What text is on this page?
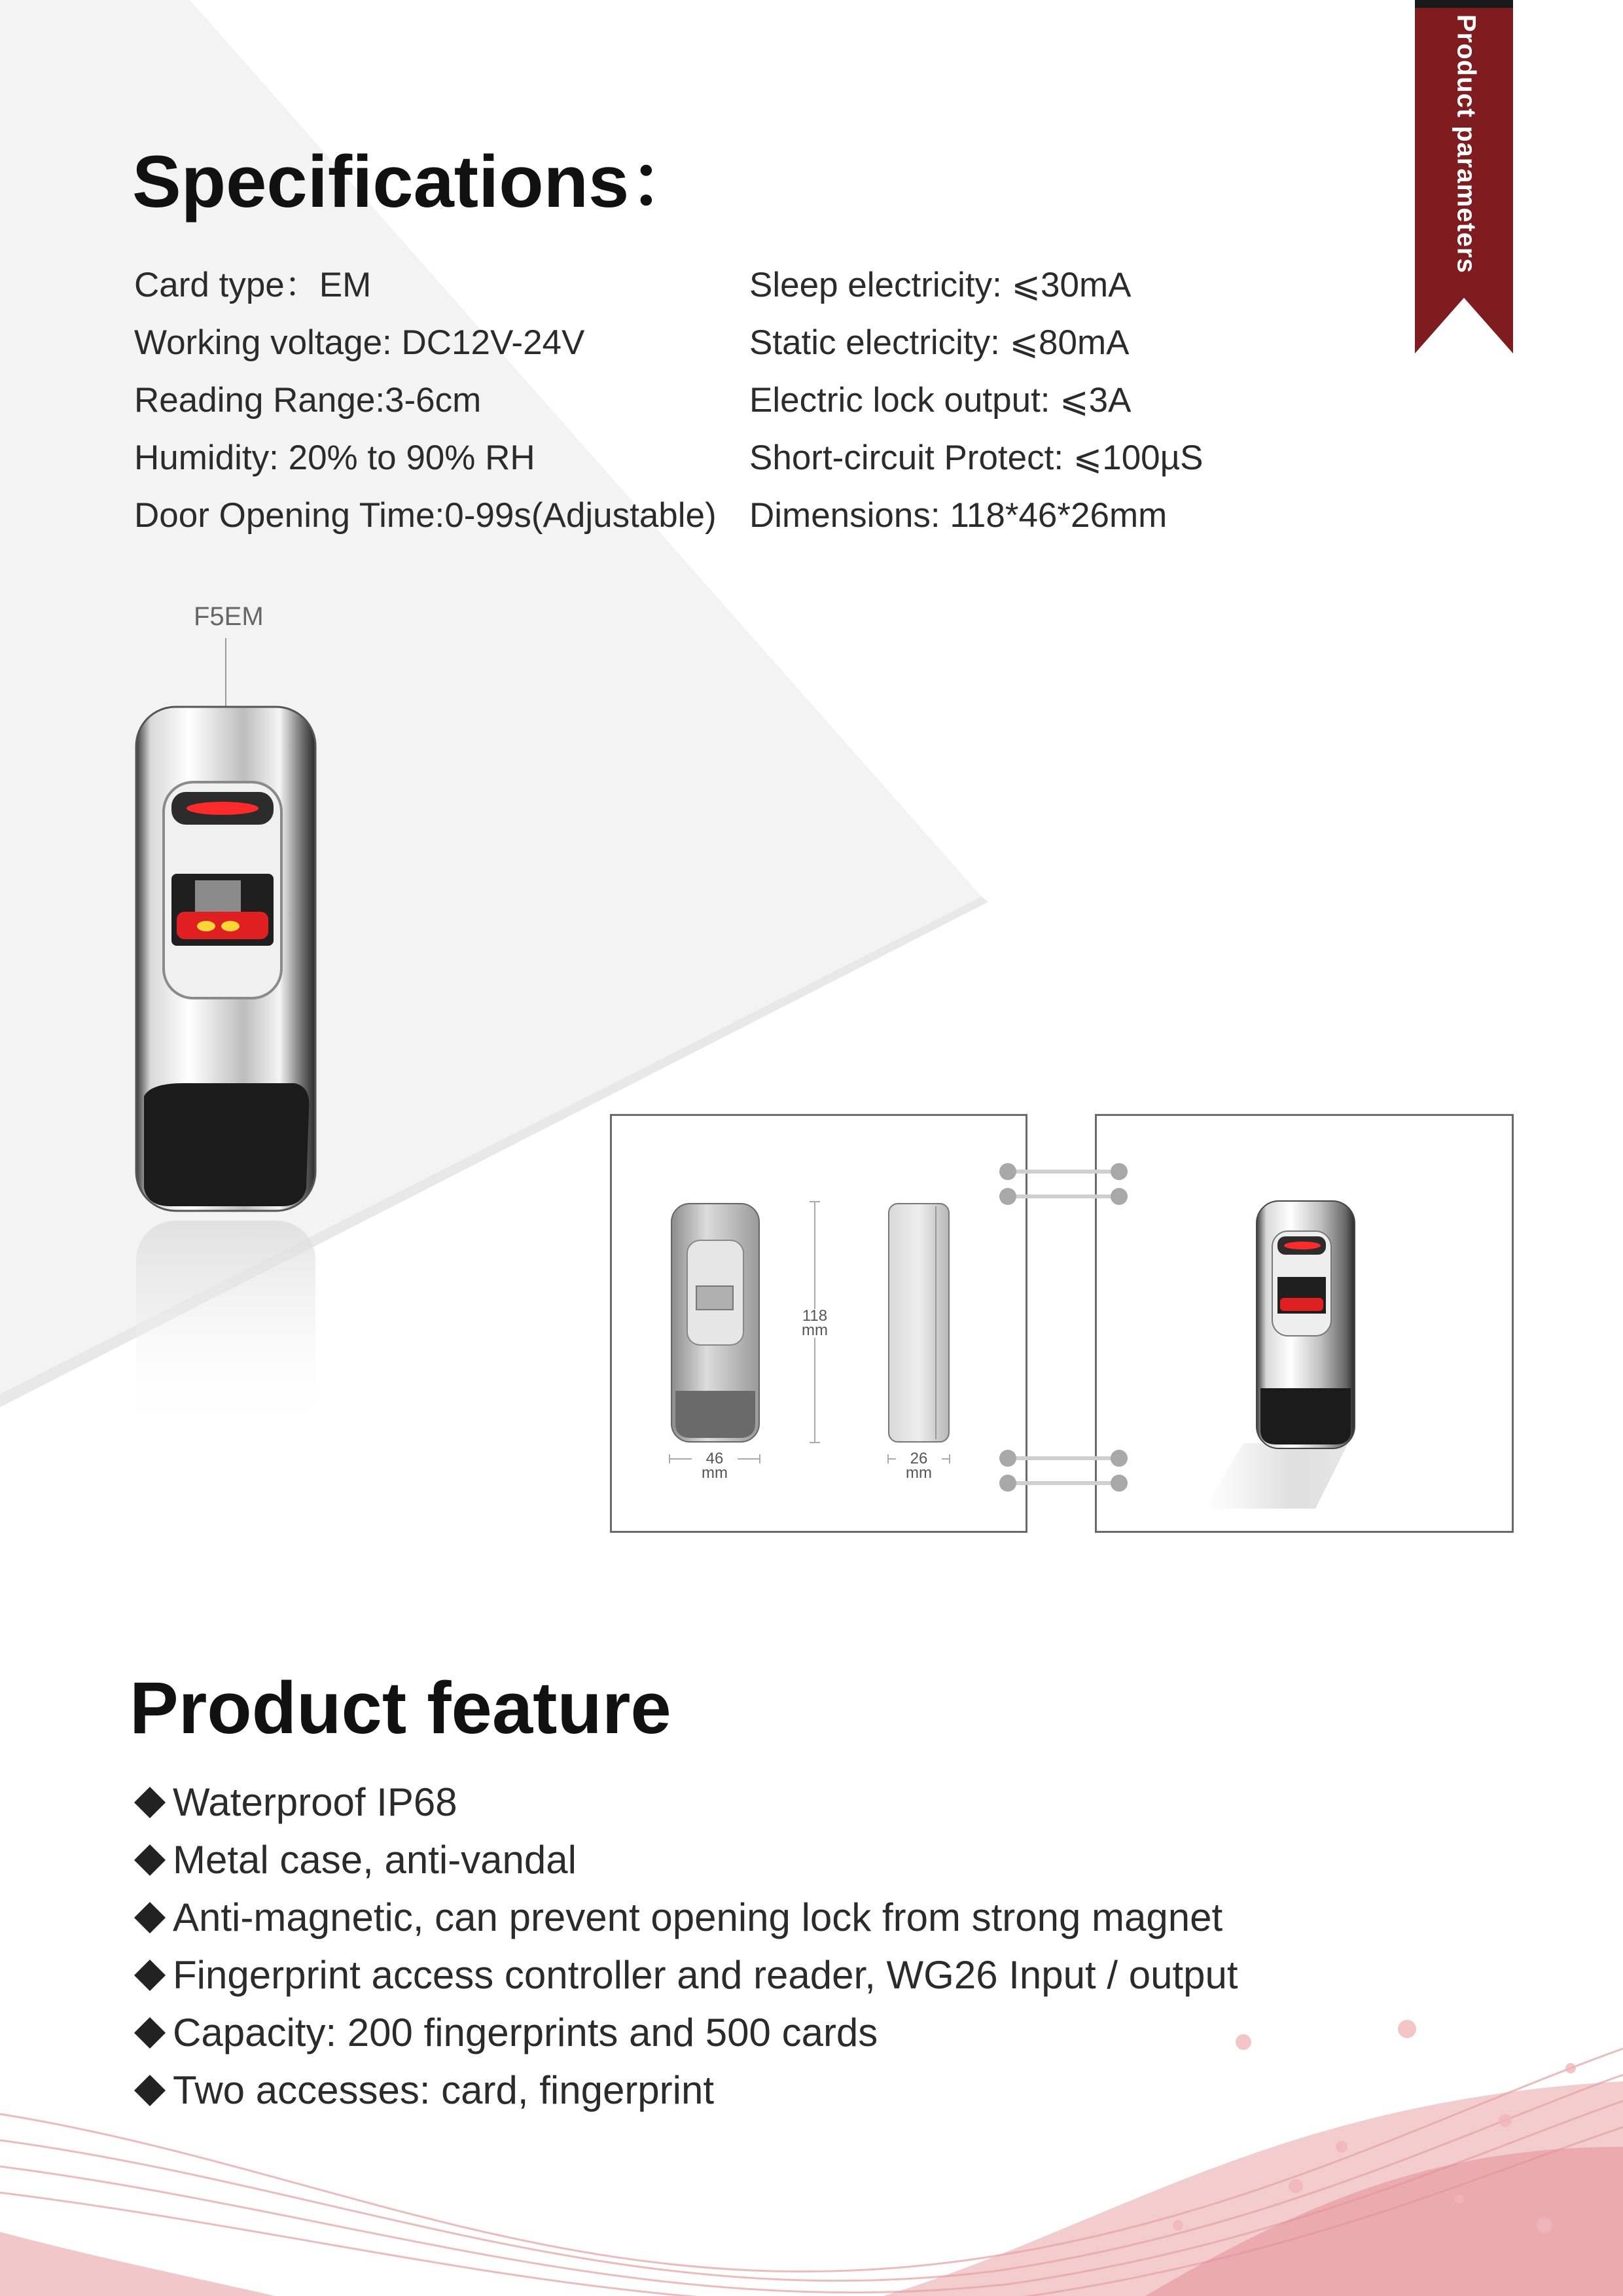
Product parameters
Specifications：
Card type：EM
Working voltage: DC12V-24V
Reading Range:3-6cm
Humidity: 20% to 90% RH
Door Opening Time:0-99s(Adjustable)
Sleep electricity: ⩽30mA
Static electricity: ⩽80mA
Electric lock output: ⩽3A
Short-circuit Protect: ⩽100µS
Dimensions: 118*46*26mm
F5EM
118
mm
46
mm
26
mm
Product feature
Waterproof IP68
Metal case, anti-vandal
Anti-magnetic, can prevent opening lock from strong magnet
Fingerprint access controller and reader, WG26 Input / output
Capacity: 200 fingerprints and 500 cards
Two accesses: card, fingerprint
